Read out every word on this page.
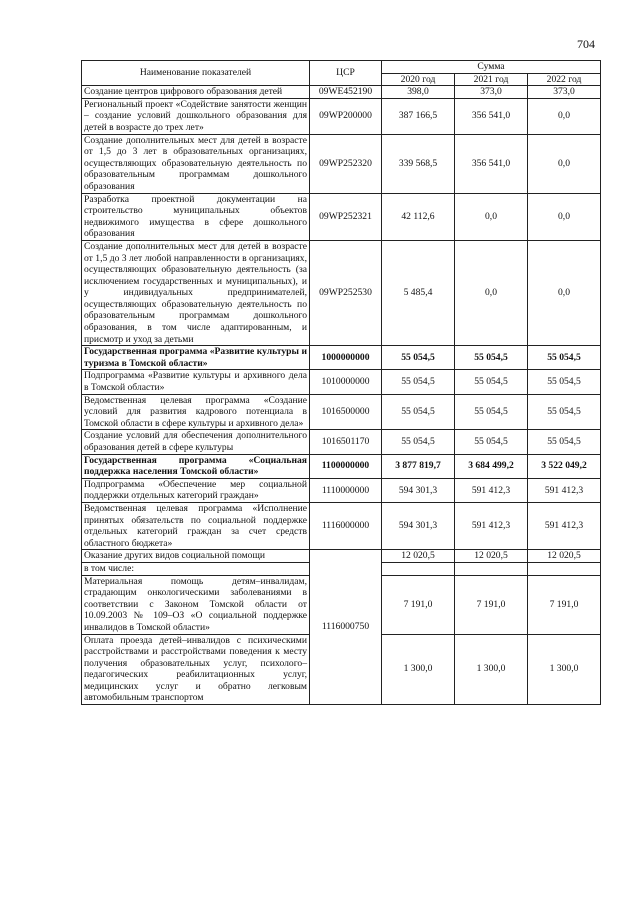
704
Наименование показателей	ЦСР	Сумма		
		2020 год	2021 год	2022 год
Создание центров цифрового образования детей	09WE452190	398,0	373,0	373,0
Региональный проект «Содействие занятости женщин – создание условий дошкольного образования для детей в возрасте до трех лет»	09WP200000	387 166,5	356 541,0	0,0
Создание дополнительных мест для детей в возрасте от 1,5 до 3 лет в образовательных организациях, осуществляющих образовательную деятельность по образовательным программам дошкольного образования	09WP252320	339 568,5	356 541,0	0,0
Разработка проектной документации на строительство муниципальных объектов недвижимого имущества в сфере дошкольного образования	09WP252321	42 112,6	0,0	0,0
Создание дополнительных мест для детей в возрасте от 1,5 до 3 лет любой направленности в организациях, осуществляющих образовательную деятельность (за исключением государственных и муниципальных), и у индивидуальных предпринимателей, осуществляющих образовательную деятельность по образовательным программам дошкольного образования, в том числе адаптированным, и присмотр и уход за детьми	09WP252530	5 485,4	0,0	0,0
Государственная программа «Развитие культуры и туризма в Томской области»	1000000000	55 054,5	55 054,5	55 054,5
Подпрограмма «Развитие культуры и архивного дела в Томской области»	1010000000	55 054,5	55 054,5	55 054,5
Ведомственная целевая программа «Создание условий для развития кадрового потенциала в Томской области в сфере культуры и архивного дела»	1016500000	55 054,5	55 054,5	55 054,5
Создание условий для обеспечения дополнительного образования детей в сфере культуры	1016501170	55 054,5	55 054,5	55 054,5
Государственная программа «Социальная поддержка населения Томской области»	1100000000	3 877 819,7	3 684 499,2	3 522 049,2
Подпрограмма «Обеспечение мер социальной поддержки отдельных категорий граждан»	1110000000	594 301,3	591 412,3	591 412,3
Ведомственная целевая программа «Исполнение принятых обязательств по социальной поддержке отдельных категорий граждан за счет средств областного бюджета»	1116000000	594 301,3	591 412,3	591 412,3
Оказание других видов социальной помощи	1116000750	12 020,5	12 020,5	12 020,5
в том числе:				
Материальная помощь детям–инвалидам, страдающим онкологическими заболеваниями в соответствии с Законом Томской области от 10.09.2003 № 109–ОЗ «О социальной поддержке инвалидов в Томской области»		7 191,0	7 191,0	7 191,0
Оплата проезда детей–инвалидов с психическими расстройствами и расстройствами поведения к месту получения образовательных услуг, психолого–педагогических реабилитационных услуг, медицинских услуг и обратно легковым автомобильным транспортом		1 300,0	1 300,0	1 300,0
